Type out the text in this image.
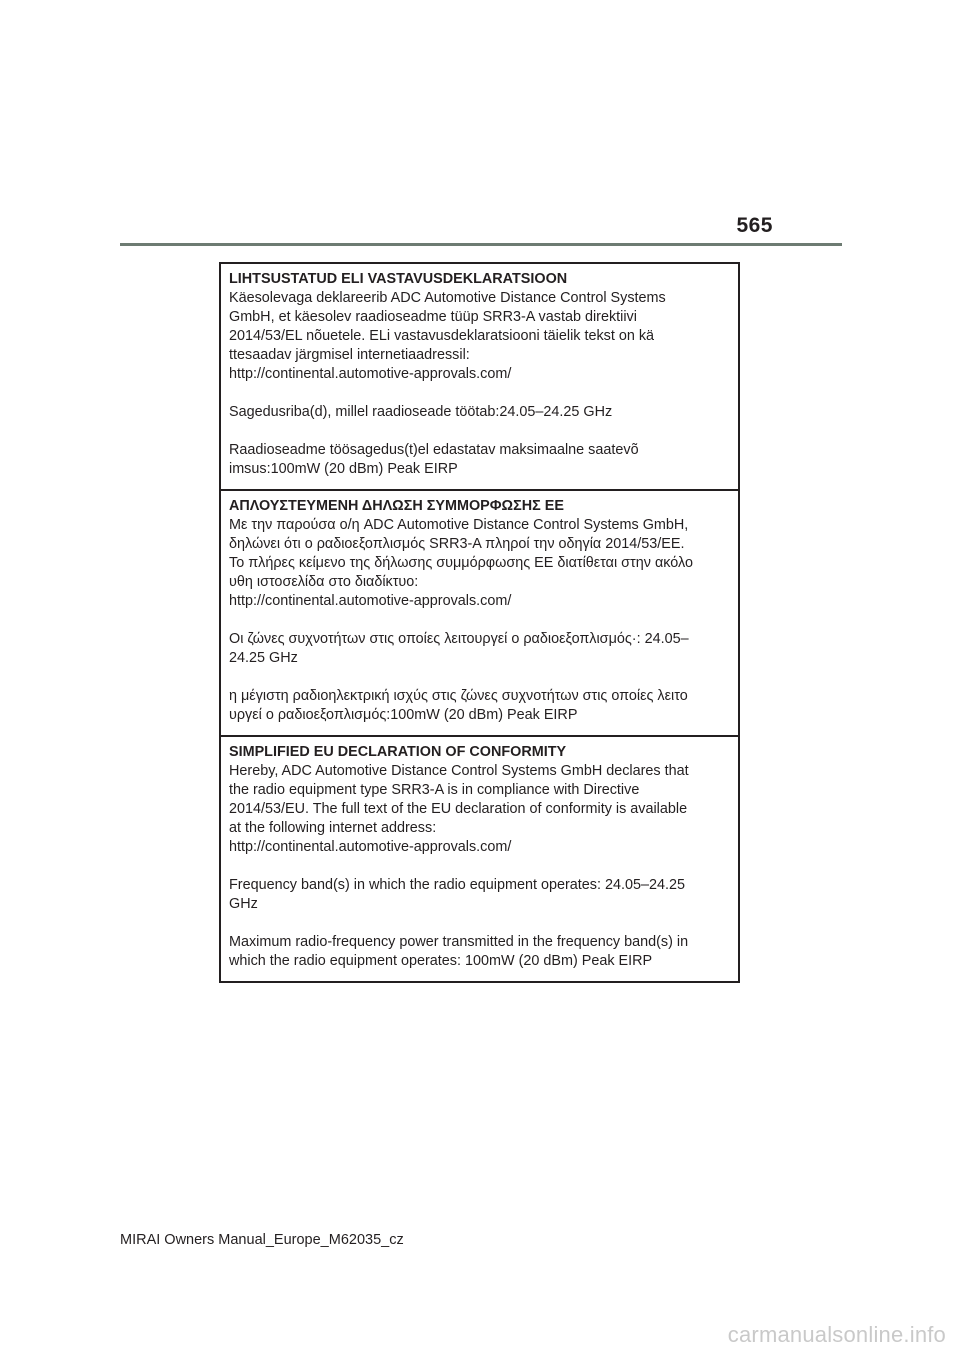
565
LIHTSUSTATUD ELI VASTAVUSDEKLARATSIOON
Käesolevaga deklareerib ADC Automotive Distance Control Systems
GmbH, et käesolev raadioseadme tüüp SRR3-A vastab direktiivi
2014/53/EL nõuetele. ELi vastavusdeklaratsiooni täielik tekst on kä
ttesaadav järgmisel internetiaadressil:
http://continental.automotive-approvals.com/
Sagedusriba(d), millel raadioseade töötab:24.05–24.25 GHz
Raadioseadme töösagedus(t)el edastatav maksimaalne saatevõ
imsus:100mW (20 dBm) Peak EIRP
ΑΠΛΟΥΣΤΕΥΜΕΝΗ ΔΗΛΩΣΗ ΣΥΜΜΟΡΦΩΣΗΣ ΕΕ
Με την παρούσα ο/η ADC Automotive Distance Control Systems GmbH,
δηλώνει ότι ο ραδιοεξοπλισμός SRR3-A πληροί την οδηγία 2014/53/ΕΕ.
Το πλήρες κείμενο της δήλωσης συμμόρφωσης ΕΕ διατίθεται στην ακόλο
υθη ιστοσελίδα στο διαδίκτυο:
http://continental.automotive-approvals.com/
Οι ζώνες συχνοτήτων στις οποίες λειτουργεί ο ραδιοεξοπλισμός·: 24.05–
24.25 GHz
η μέγιστη ραδιοηλεκτρική ισχύς στις ζώνες συχνοτήτων στις οποίες λειτο
υργεί ο ραδιοεξοπλισμός:100mW (20 dBm) Peak EIRP
SIMPLIFIED EU DECLARATION OF CONFORMITY
Hereby, ADC Automotive Distance Control Systems GmbH declares that
the radio equipment type SRR3-A is in compliance with Directive
2014/53/EU. The full text of the EU declaration of conformity is available
at the following internet address:
http://continental.automotive-approvals.com/
Frequency band(s) in which the radio equipment operates: 24.05–24.25
GHz
Maximum radio-frequency power transmitted in the frequency band(s) in
which the radio equipment operates: 100mW (20 dBm) Peak EIRP
MIRAI Owners Manual_Europe_M62035_cz
carmanualsonline.info
